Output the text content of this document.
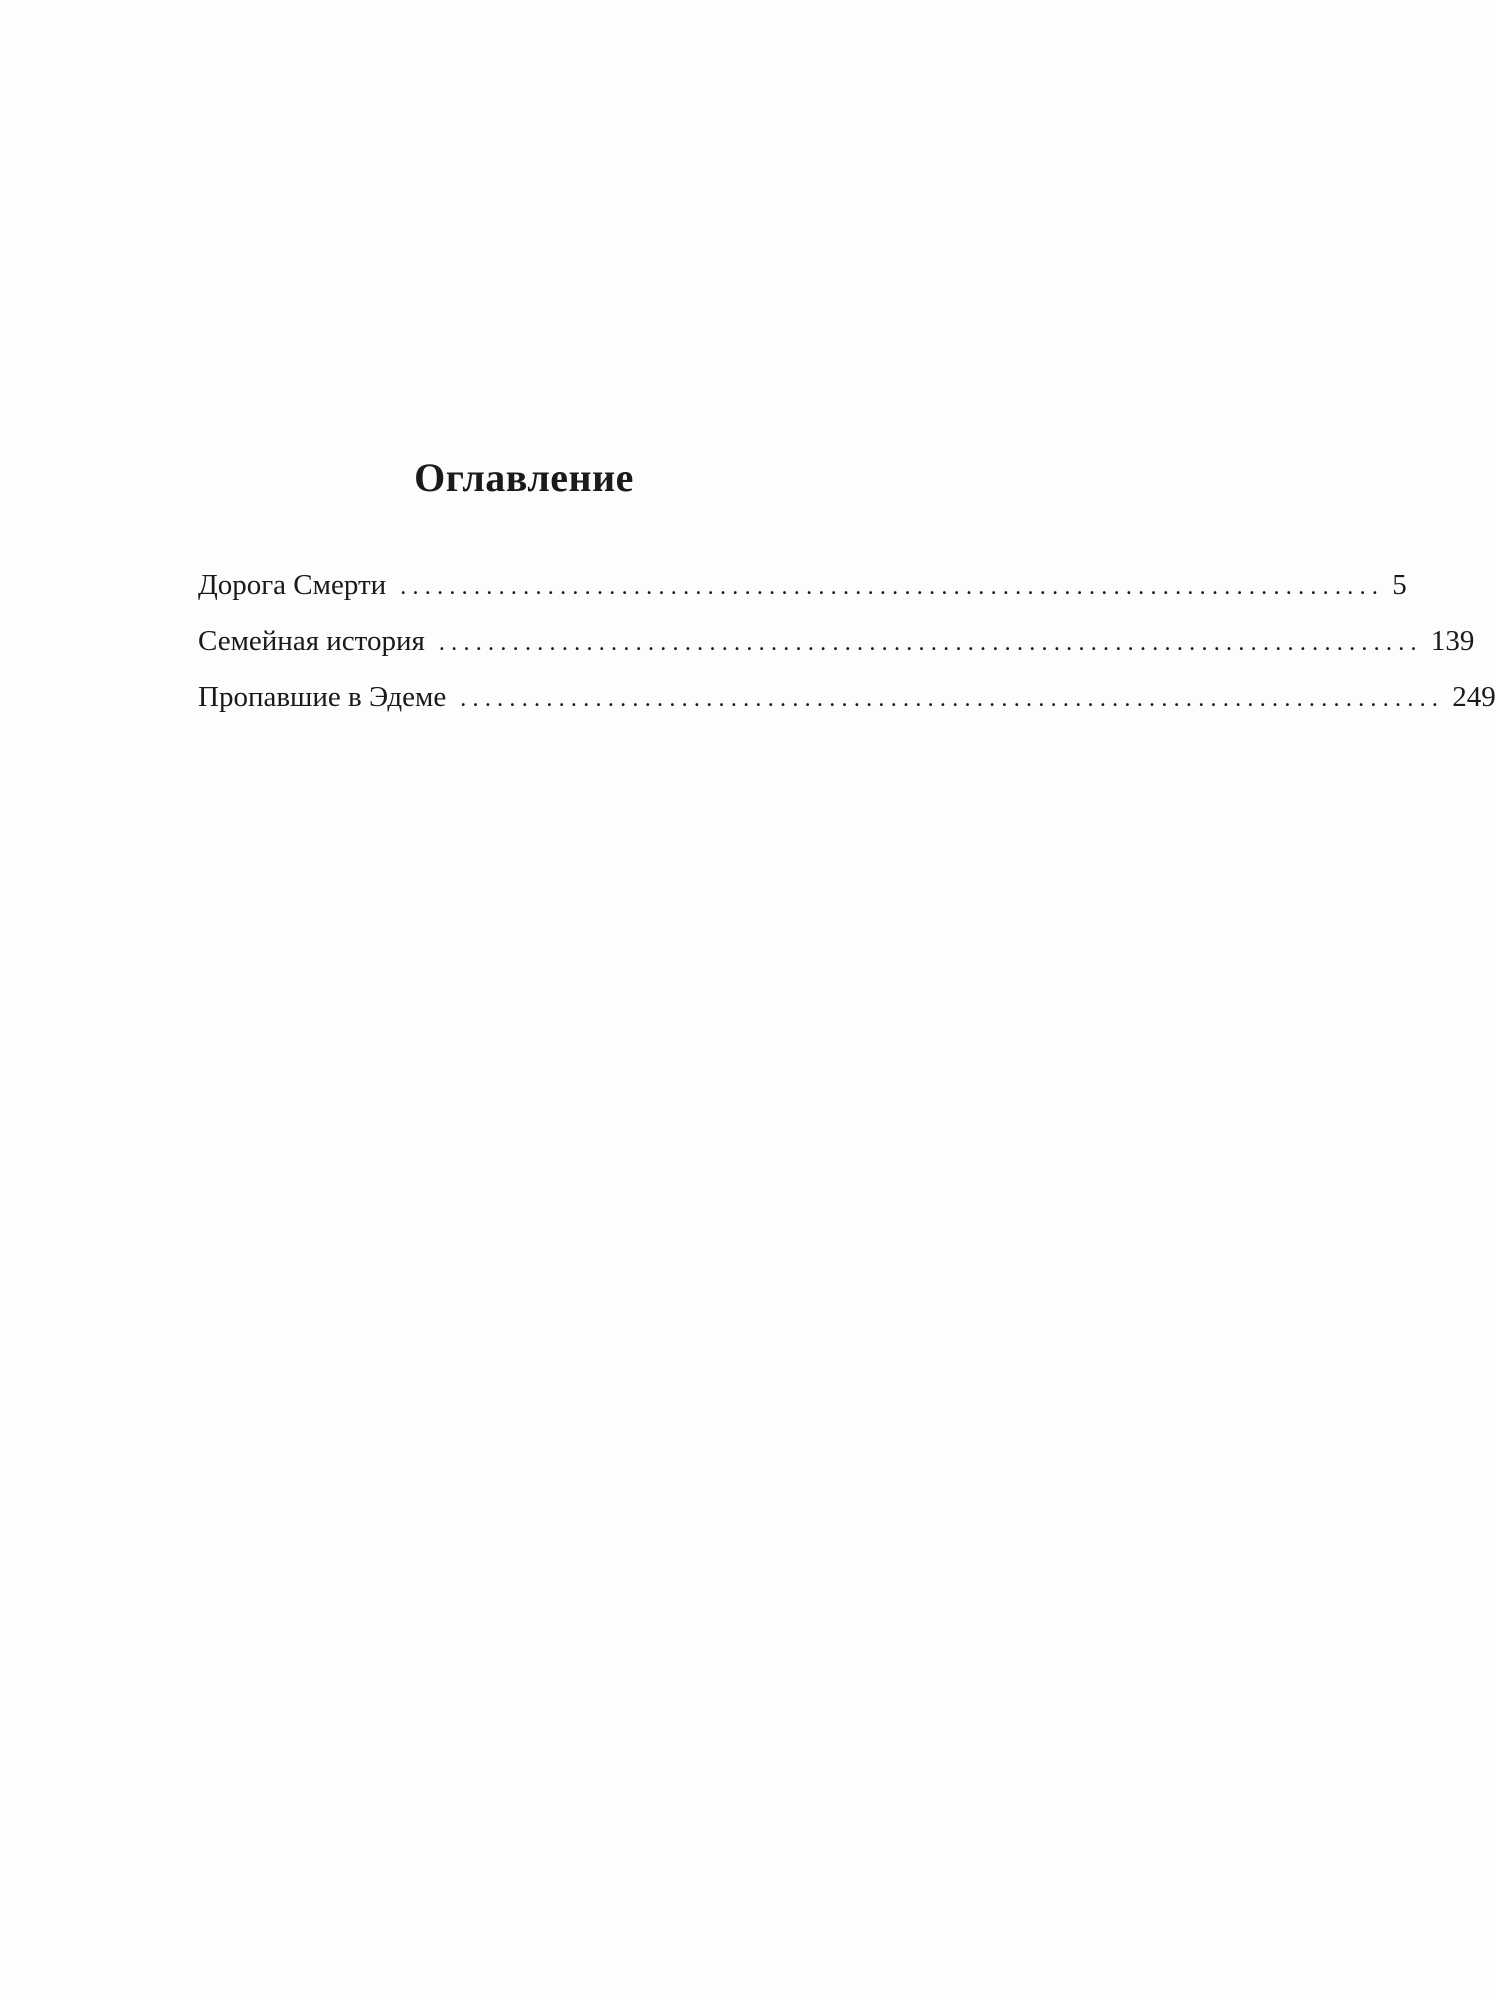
Оглавление
Дорога Смерти ................................................................................ 5
Семейная история ................................................................................ 139
Пропавшие в Эдеме ................................................................................ 249
